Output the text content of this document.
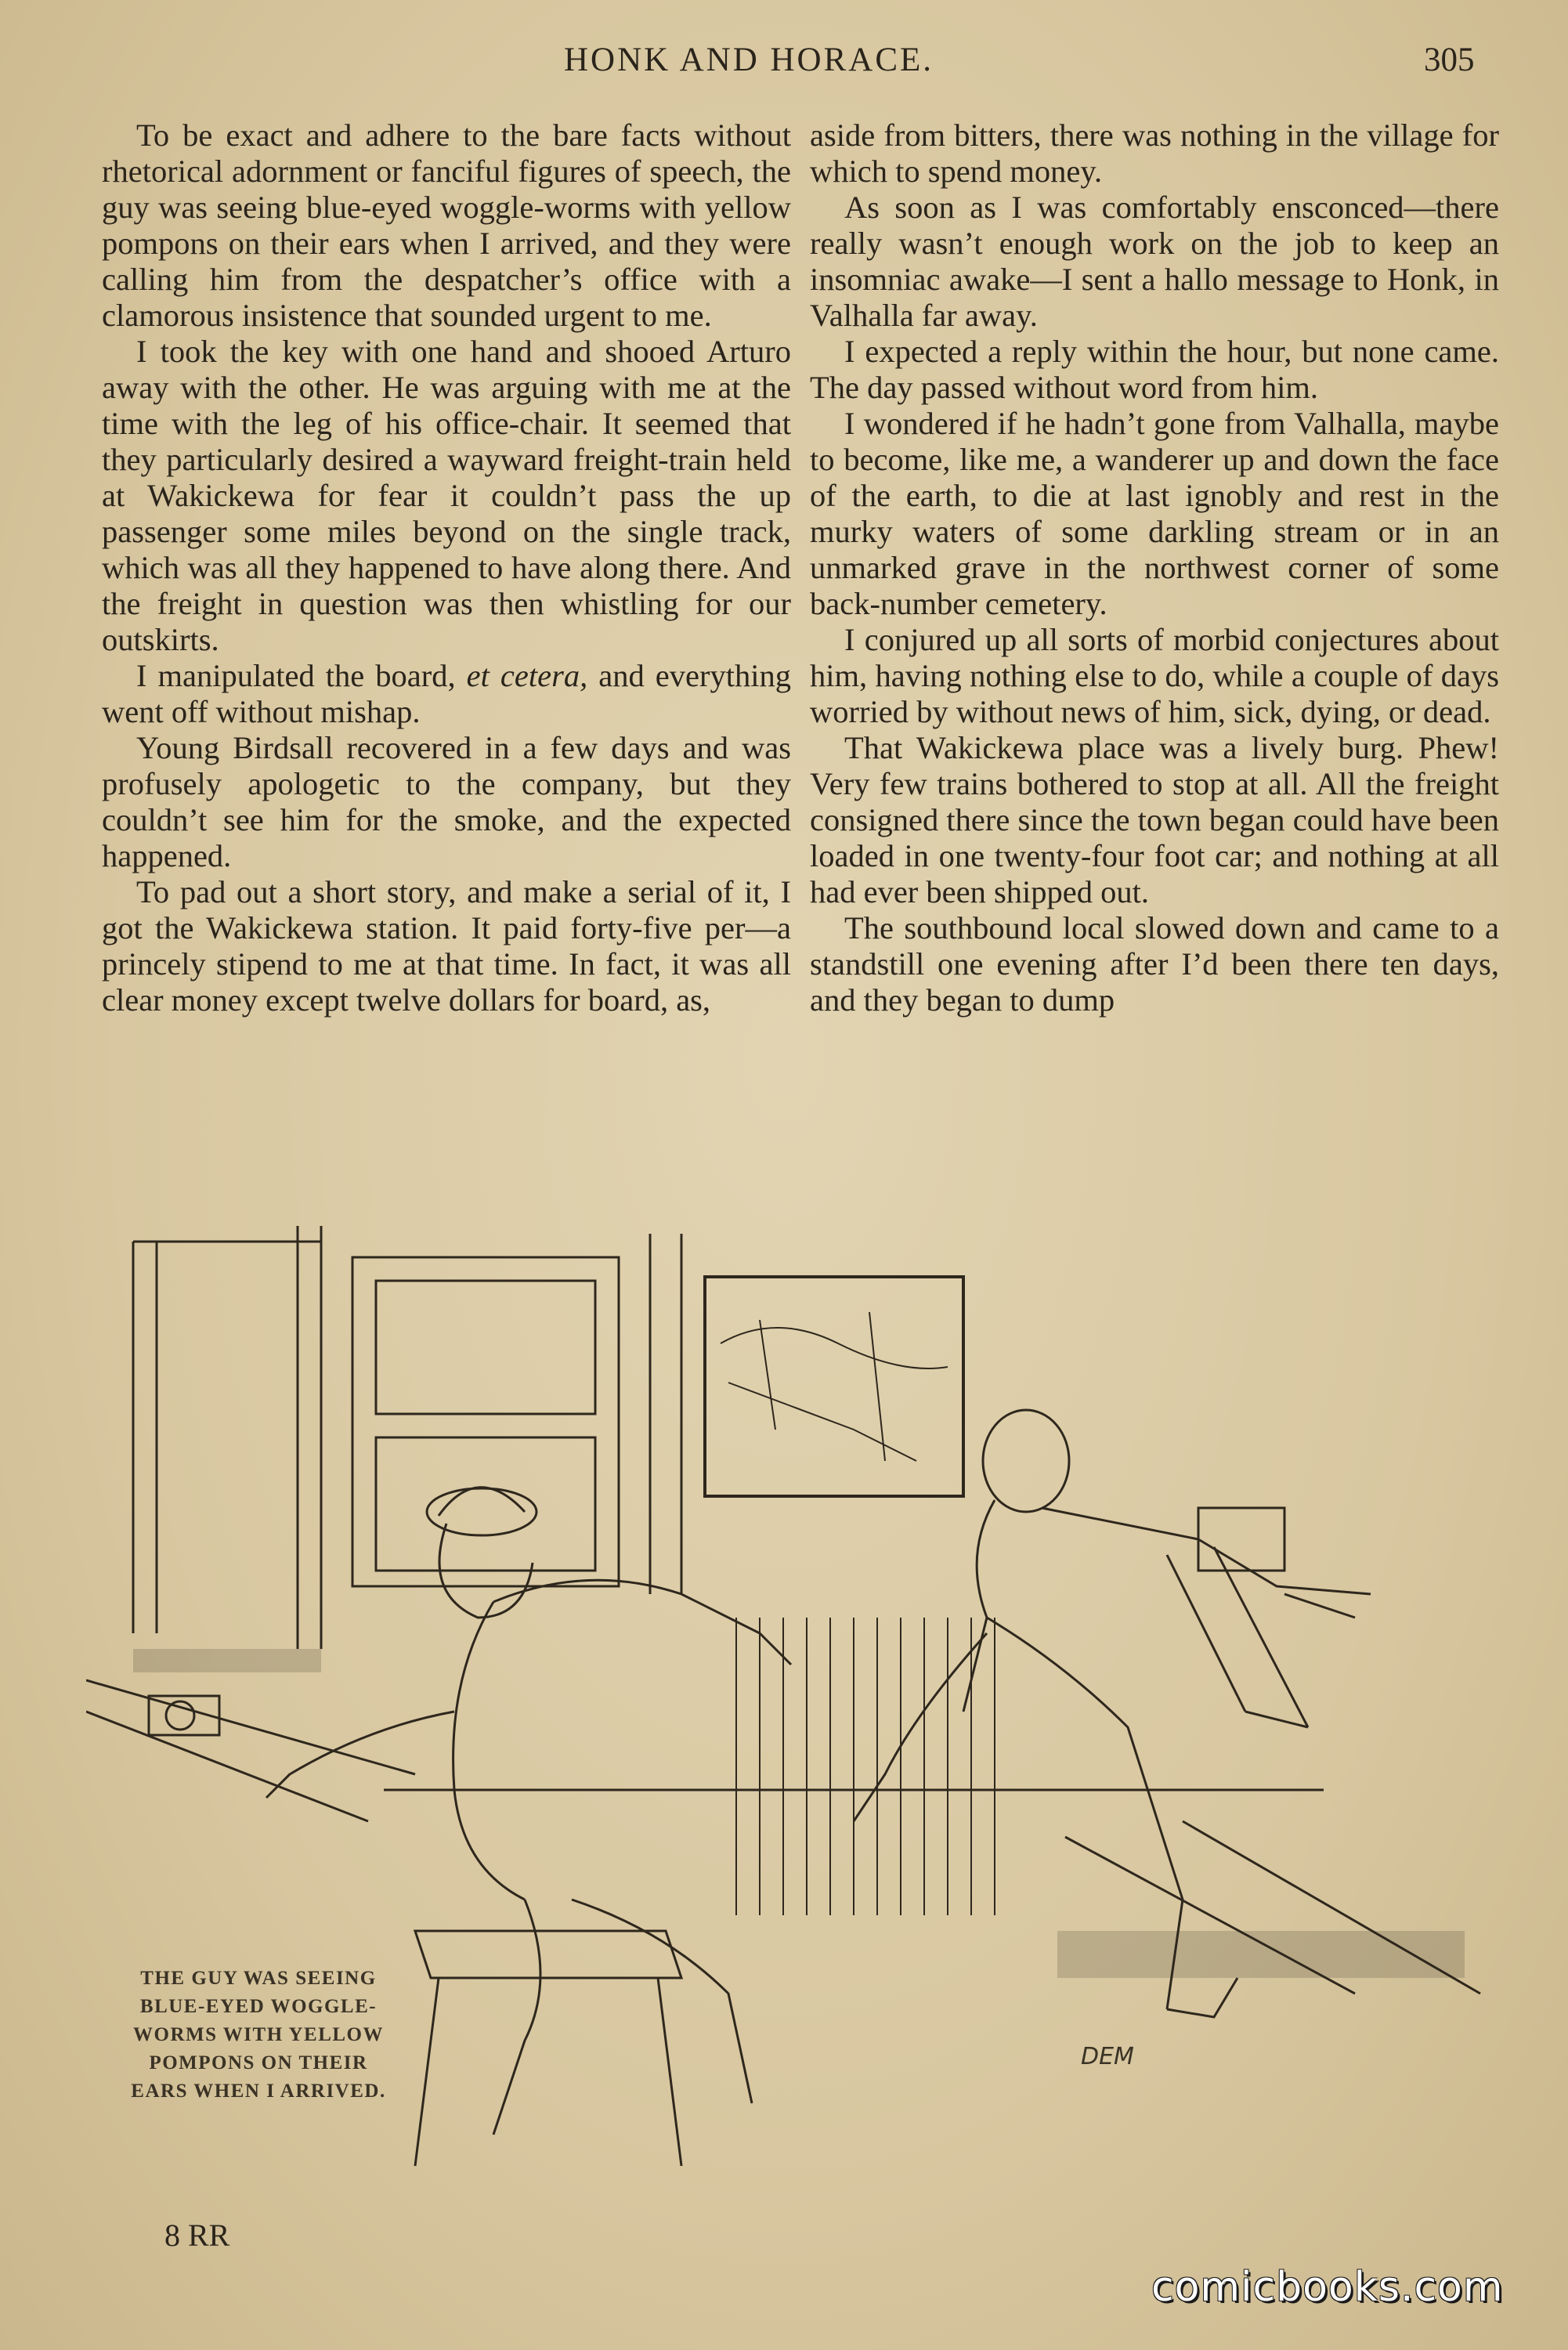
HONK AND HORACE.	305

To be exact and adhere to the bare facts without rhetorical adornment or fanciful figures of speech, the guy was seeing blue-eyed woggle-worms with yellow pompons on their ears when I arrived, and they were calling him from the despatcher’s office with a clamorous insistence that sounded urgent to me.

I took the key with one hand and shooed Arturo away with the other. He was arguing with me at the time with the leg of his office-chair. It seemed that they particularly desired a wayward freight-train held at Wakickewa for fear it couldn’t pass the up passenger some miles beyond on the single track, which was all they happened to have along there. And the freight in question was then whistling for our outskirts.

I manipulated the board, et cetera, and everything went off without mishap.

Young Birdsall recovered in a few days and was profusely apologetic to the company, but they couldn’t see him for the smoke, and the expected happened.

To pad out a short story, and make a serial of it, I got the Wakickewa station. It paid forty-five per—a princely stipend to me at that time. In fact, it was all clear money except twelve dollars for board, as,

aside from bitters, there was nothing in the village for which to spend money.

As soon as I was comfortably ensconced—there really wasn’t enough work on the job to keep an insomniac awake—I sent a hallo message to Honk, in Valhalla far away.

I expected a reply within the hour, but none came. The day passed without word from him.

I wondered if he hadn’t gone from Valhalla, maybe to become, like me, a wanderer up and down the face of the earth, to die at last ignobly and rest in the murky waters of some darkling stream or in an unmarked grave in the northwest corner of some back-number cemetery.

I conjured up all sorts of morbid conjectures about him, having nothing else to do, while a couple of days worried by without news of him, sick, dying, or dead.

That Wakickewa place was a lively burg. Phew! Very few trains bothered to stop at all. All the freight consigned there since the town began could have been loaded in one twenty-four foot car; and nothing at all had ever been shipped out.

The southbound local slowed down and came to a standstill one evening after I’d been there ten days, and they began to dump

THE GUY WAS SEEING
BLUE-EYED WOGGLE-
WORMS WITH YELLOW
POMPONS ON THEIR
EARS WHEN I ARRIVED.
DEM
8 RR
comicbooks.com
